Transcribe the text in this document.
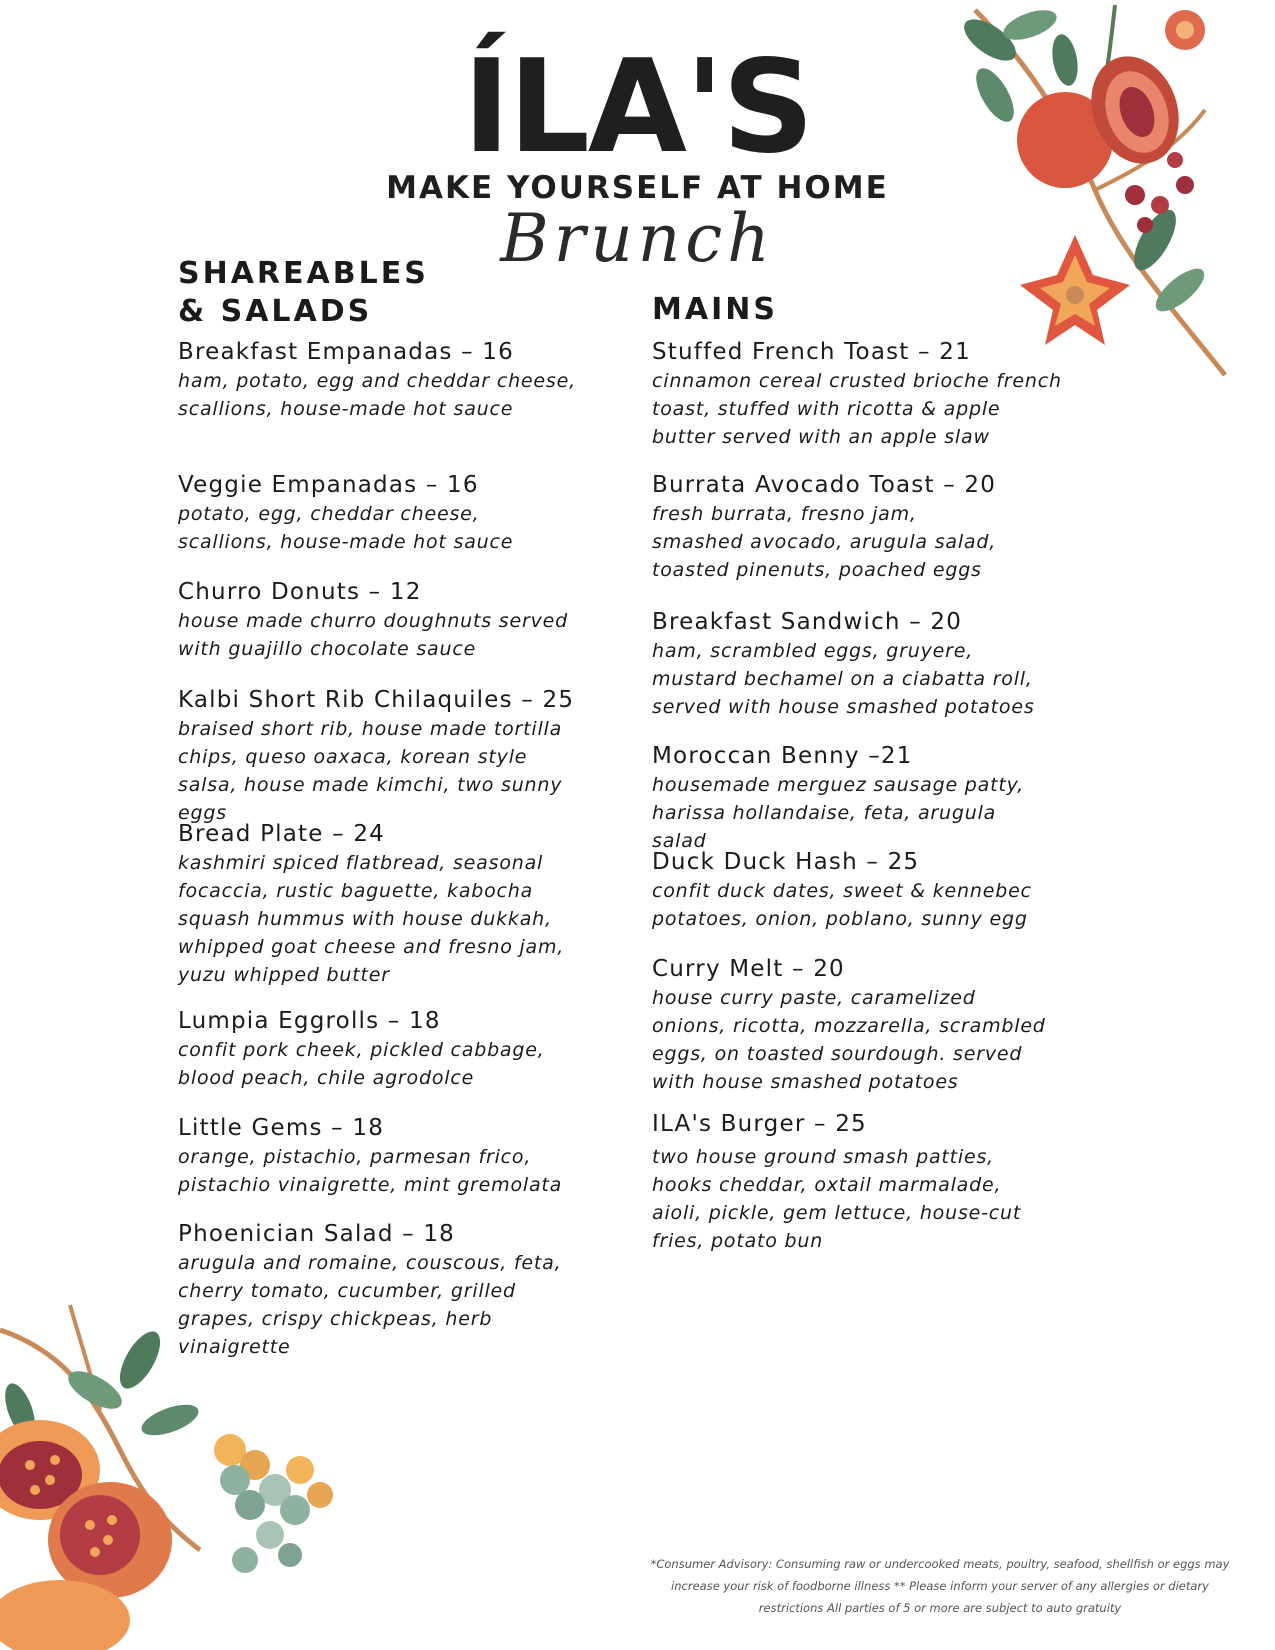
ÍLA'S
MAKE YOURSELF AT HOME
Brunch
SHAREABLES
& SALADS
Breakfast Empanadas – 16
ham, potato, egg and cheddar cheese, scallions, house-made hot sauce
Veggie Empanadas – 16
potato, egg, cheddar cheese, scallions, house-made hot sauce
Churro Donuts – 12
house made churro doughnuts served with guajillo chocolate sauce
Kalbi Short Rib Chilaquiles – 25
braised short rib, house made tortilla chips, queso oaxaca, korean style salsa, house made kimchi, two sunny eggs
Bread Plate – 24
kashmiri spiced flatbread, seasonal focaccia, rustic baguette, kabocha squash hummus with house dukkah, whipped goat cheese and fresno jam, yuzu whipped butter
Lumpia Eggrolls – 18
confit pork cheek, pickled cabbage, blood peach, chile agrodolce
Little Gems – 18
orange, pistachio, parmesan frico, pistachio vinaigrette, mint gremolata
Phoenician Salad – 18
arugula and romaine, couscous, feta, cherry tomato, cucumber, grilled grapes, crispy chickpeas, herb vinaigrette
MAINS
Stuffed French Toast – 21
cinnamon cereal crusted brioche french toast, stuffed with ricotta & apple butter served with an apple slaw
Burrata Avocado Toast – 20
fresh burrata, fresno jam, smashed avocado, arugula salad, toasted pinenuts, poached eggs
Breakfast Sandwich – 20
ham, scrambled eggs, gruyere, mustard bechamel on a ciabatta roll, served with house smashed potatoes
Moroccan Benny –21
housemade merguez sausage patty, harissa hollandaise, feta, arugula salad
Duck Duck Hash – 25
confit duck dates, sweet & kennebec potatoes, onion, poblano, sunny egg
Curry Melt – 20
house curry paste, caramelized onions, ricotta, mozzarella, scrambled eggs, on toasted sourdough. served with house smashed potatoes
ILA's Burger – 25
two house ground smash patties, hooks cheddar, oxtail marmalade, aioli, pickle, gem lettuce, house-cut fries, potato bun
*Consumer Advisory: Consuming raw or undercooked meats, poultry, seafood, shellfish or eggs may increase your risk of foodborne illness ** Please inform your server of any allergies or dietary restrictions All parties of 5 or more are subject to auto gratuity
